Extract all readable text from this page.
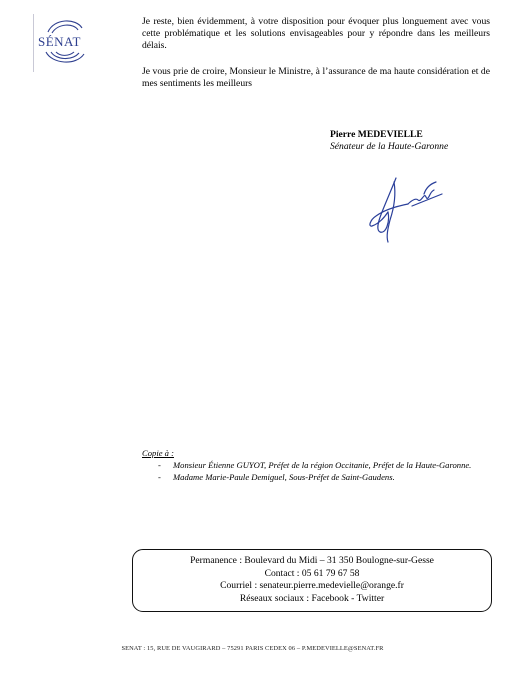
SÉNAT

Je reste, bien évidemment, à votre disposition pour évoquer plus longuement avec vous cette problématique et les solutions envisageables pour y répondre dans les meilleurs délais.

Je vous prie de croire, Monsieur le Ministre, à l’assurance de ma haute considération et de mes sentiments les meilleurs

Pierre MEDEVIELLE
Sénateur de la Haute-Garonne
Copie à :
- Monsieur Étienne GUYOT, Préfet de la région Occitanie, Préfet de la Haute-Garonne.
- Madame Marie-Paule Demiguel, Sous-Préfet de Saint-Gaudens.
Permanence : Boulevard du Midi – 31 350 Boulogne-sur-Gesse
Contact : 05 61 79 67 58
Courriel : senateur.pierre.medevielle@orange.fr
Réseaux sociaux : Facebook - Twitter
SENAT : 15, RUE DE VAUGIRARD – 75291 PARIS CEDEX 06 – P.MEDEVIELLE@SENAT.FR
